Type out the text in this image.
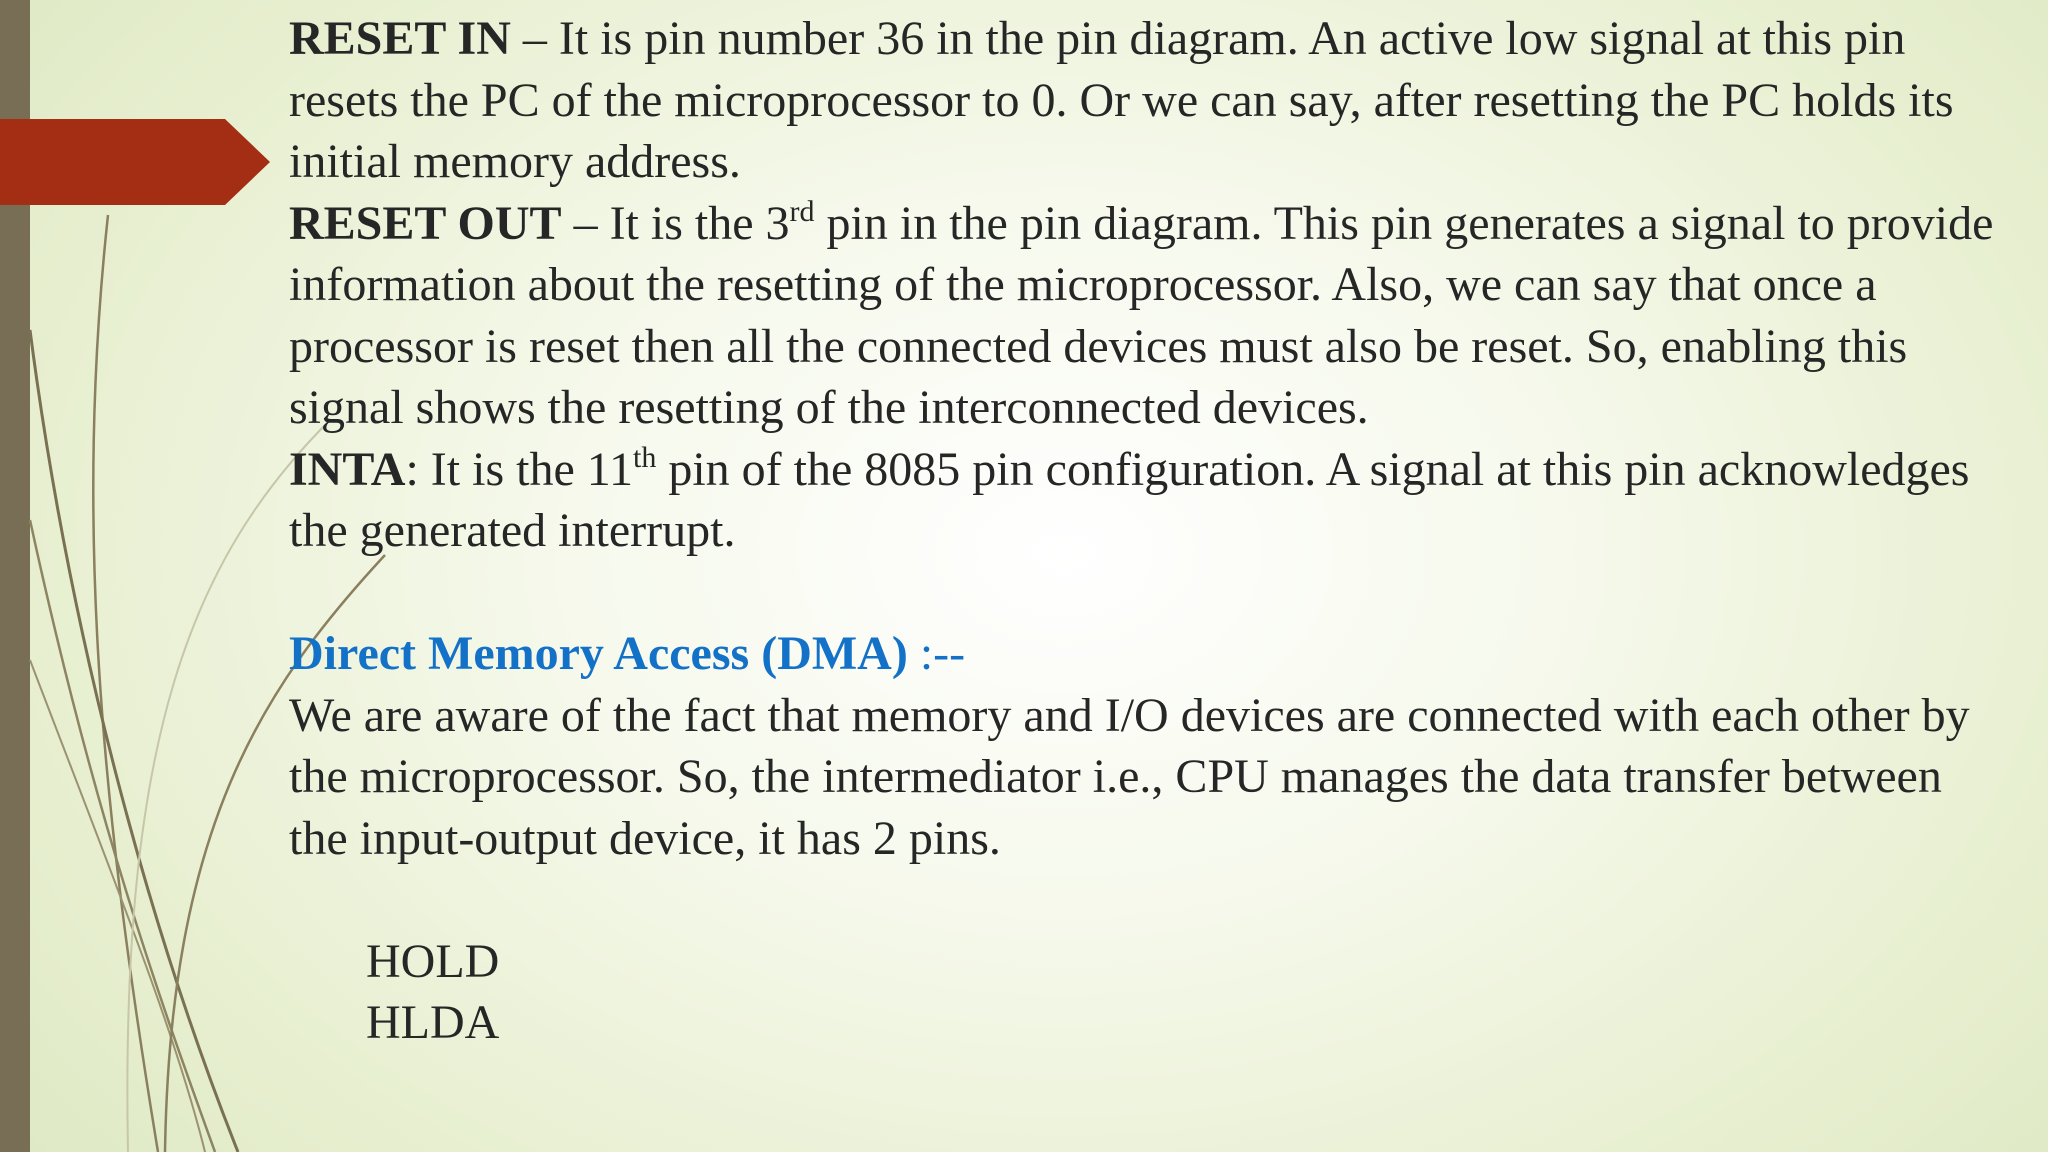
RESET IN – It is pin number 36 in the pin diagram. An active low signal at this pin resets the PC of the microprocessor to 0. Or we can say, after resetting the PC holds its initial memory address.

RESET OUT – It is the 3rd pin in the pin diagram. This pin generates a signal to provide information about the resetting of the microprocessor. Also, we can say that once a processor is reset then all the connected devices must also be reset. So, enabling this signal shows the resetting of the interconnected devices.

INTA: It is the 11th pin of the 8085 pin configuration. A signal at this pin acknowledges the generated interrupt.

Direct Memory Access (DMA) :--

We are aware of the fact that memory and I/O devices are connected with each other by the microprocessor. So, the intermediator i.e., CPU manages the data transfer between the input-output device, it has 2 pins.

HOLD
HLDA
